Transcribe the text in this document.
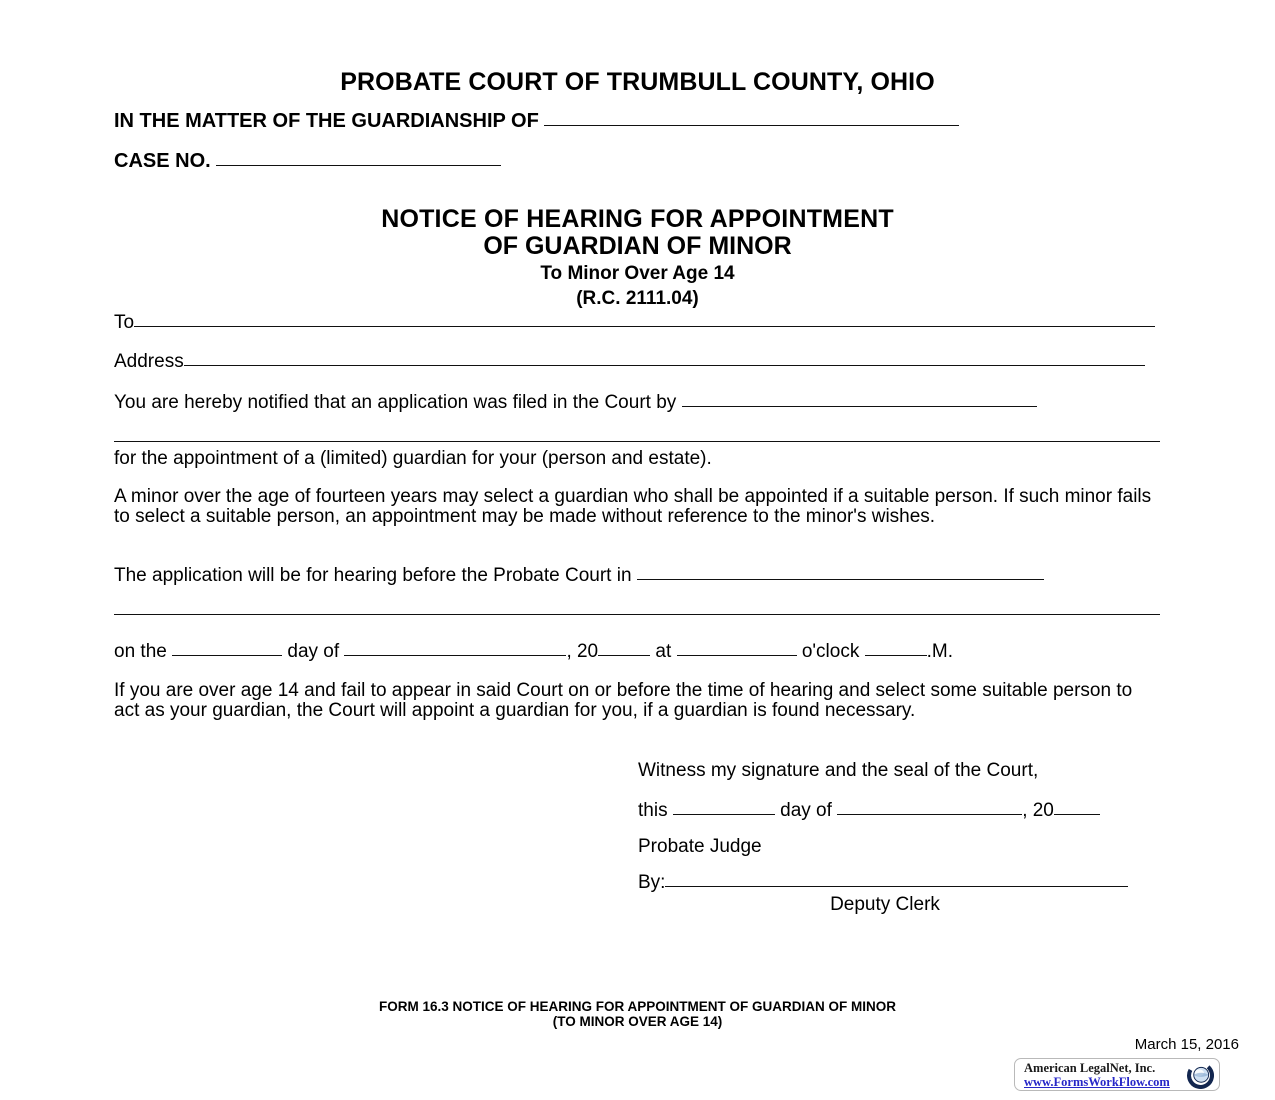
PROBATE COURT OF TRUMBULL COUNTY, OHIO
IN THE MATTER OF THE GUARDIANSHIP OF
CASE NO.
NOTICE OF HEARING FOR APPOINTMENT
OF GUARDIAN OF MINOR
To Minor Over Age 14
(R.C. 2111.04)
To
Address
You are hereby notified that an application was filed in the Court by
for the appointment of a (limited) guardian for your (person and estate).
A minor over the age of fourteen years may select a guardian who shall be appointed if a suitable person. If such minor fails to select a suitable person, an appointment may be made without reference to the minor's wishes.
The application will be for hearing before the Probate Court in
on the	day of	, 20	at	o'clock	.M.
If you are over age 14 and fail to appear in said Court on or before the time of hearing and select some suitable person to act as your guardian, the Court will appoint a guardian for you, if a guardian is found necessary.
Witness my signature and the seal of the Court,
this	day of	, 20
Probate Judge
By:
Deputy Clerk
FORM 16.3 NOTICE OF HEARING FOR APPOINTMENT OF GUARDIAN OF MINOR
(TO MINOR OVER AGE 14)
March 15, 2016
American LegalNet, Inc.
www.FormsWorkFlow.com
